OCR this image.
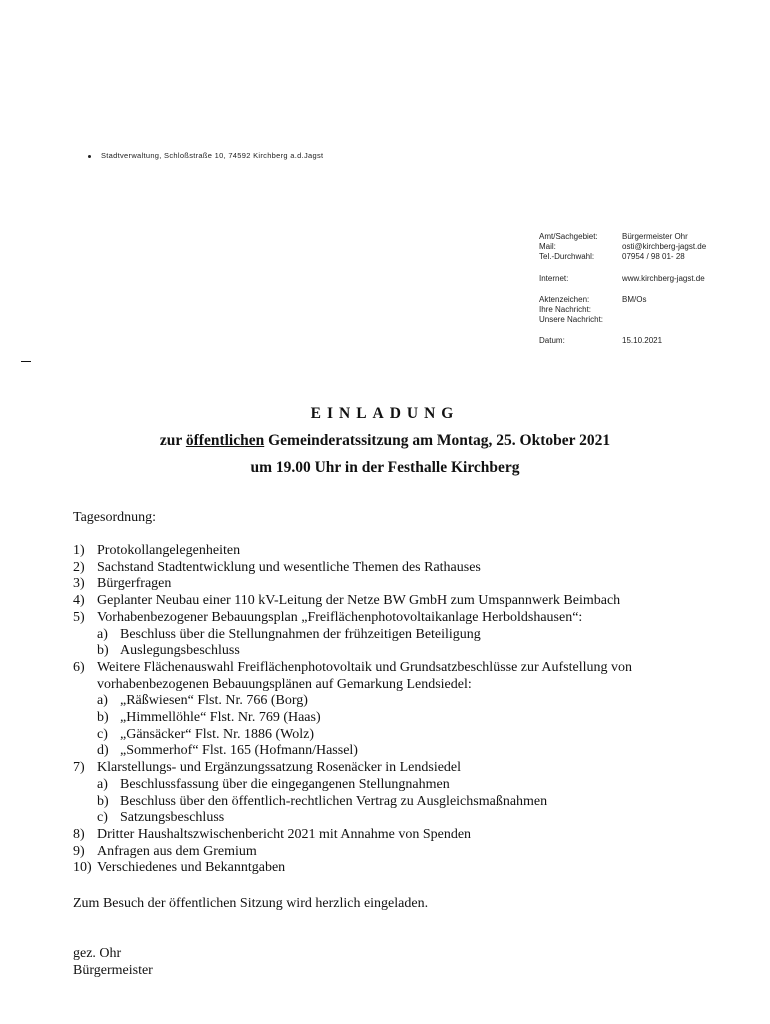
Stadtverwaltung, Schloßstraße 10, 74592 Kirchberg a.d.Jagst
Amt/Sachgebiet:	Bürgermeister Ohr
Mail:	osti@kirchberg-jagst.de
Tel.-Durchwahl:	07954 / 98 01- 28
Internet:	www.kirchberg-jagst.de
Aktenzeichen:	BM/Os
Ihre Nachricht:
Unsere Nachricht:
Datum:	15.10.2021
EINLADUNG
zur öffentlichen Gemeinderatssitzung am Montag, 25. Oktober 2021
um 19.00 Uhr in der Festhalle Kirchberg
Tagesordnung:
1) Protokollangelegenheiten
2) Sachstand Stadtentwicklung und wesentliche Themen des Rathauses
3) Bürgerfragen
4) Geplanter Neubau einer 110 kV-Leitung der Netze BW GmbH zum Umspannwerk Beimbach
5) Vorhabenbezogener Bebauungsplan „Freiflächenphotovoltaikanlage Herboldshausen“:
a) Beschluss über die Stellungnahmen der frühzeitigen Beteiligung
b) Auslegungsbeschluss
6) Weitere Flächenauswahl Freiflächenphotovoltaik und Grundsatzbeschlüsse zur Aufstellung von
vorhabenbezogenen Bebauungsplänen auf Gemarkung Lendsiedel:
a) „Räßwiesen“ Flst. Nr. 766 (Borg)
b) „Himmellöhle“ Flst. Nr. 769 (Haas)
c) „Gänsäcker“ Flst. Nr. 1886 (Wolz)
d) „Sommerhof“ Flst. 165 (Hofmann/Hassel)
7) Klarstellungs- und Ergänzungssatzung Rosenäcker in Lendsiedel
a) Beschlussfassung über die eingegangenen Stellungnahmen
b) Beschluss über den öffentlich-rechtlichen Vertrag zu Ausgleichsmaßnahmen
c) Satzungsbeschluss
8) Dritter Haushaltszwischenbericht 2021 mit Annahme von Spenden
9) Anfragen aus dem Gremium
10) Verschiedenes und Bekanntgaben
Zum Besuch der öffentlichen Sitzung wird herzlich eingeladen.
gez. Ohr
Bürgermeister
